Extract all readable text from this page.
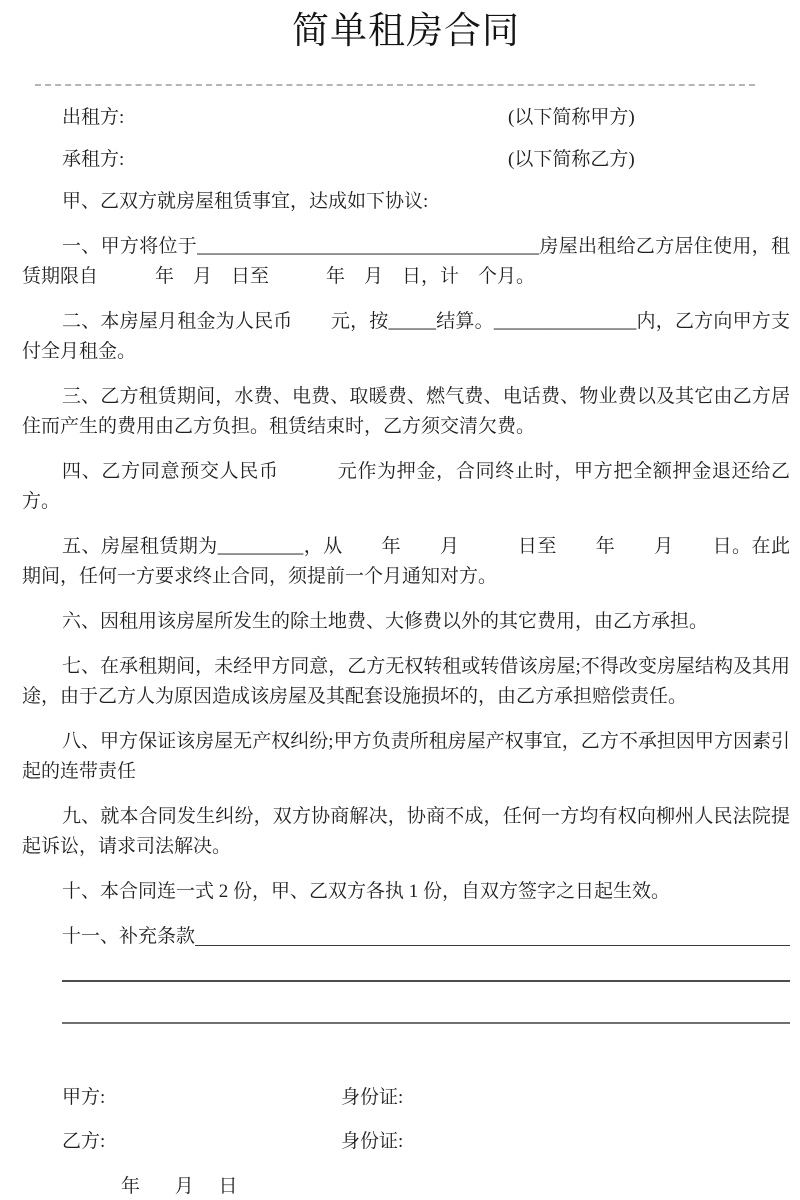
简单租房合同

出租方:	(以下简称甲方)

承租方:	(以下简称乙方)

甲、乙双方就房屋租赁事宜，达成如下协议:

一、甲方将位于____________________________________房屋出租给乙方居住使用，租赁期限自　　　年　月　日至　　　年　月　日，计　个月。

二、本房屋月租金为人民币　　元，按_____结算。_______________内，乙方向甲方支付全月租金。

三、乙方租赁期间，水费、电费、取暖费、燃气费、电话费、物业费以及其它由乙方居住而产生的费用由乙方负担。租赁结束时，乙方须交清欠费。

四、乙方同意预交人民币　　　元作为押金，合同终止时，甲方把全额押金退还给乙方。

五、房屋租赁期为_________，从　　年　　月　　　日至　　年　　月　　日。在此期间，任何一方要求终止合同，须提前一个月通知对方。

六、因租用该房屋所发生的除土地费、大修费以外的其它费用，由乙方承担。

七、在承租期间，未经甲方同意，乙方无权转租或转借该房屋;不得改变房屋结构及其用途，由于乙方人为原因造成该房屋及其配套设施损坏的，由乙方承担赔偿责任。

八、甲方保证该房屋无产权纠纷;甲方负责所租房屋产权事宜，乙方不承担因甲方因素引起的连带责任

九、就本合同发生纠纷，双方协商解决，协商不成，任何一方均有权向柳州人民法院提起诉讼，请求司法解决。

十、本合同连一式 2 份，甲、乙双方各执 1 份，自双方签字之日起生效。

十一、补充条款

甲方:	身份证:

乙方:	身份证:

年 月 日
